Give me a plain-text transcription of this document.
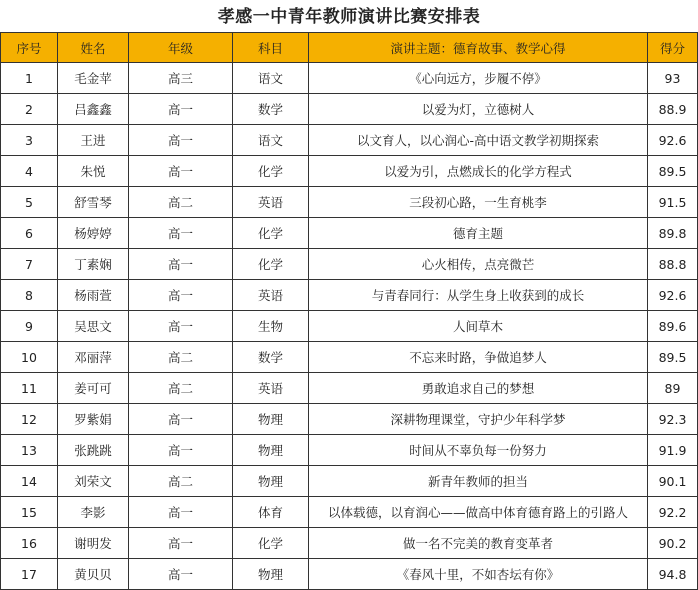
孝感一中青年教师演讲比赛安排表
序号	姓名	年级	科目	演讲主题：德育故事、教学心得	得分
1	毛金苹	高三	语文	《心向远方，步履不停》	93
2	吕鑫鑫	高一	数学	以爱为灯，立德树人	88.9
3	王进	高一	语文	以文育人，以心润心-高中语文教学初期探索	92.6
4	朱悦	高一	化学	以爱为引，点燃成长的化学方程式	89.5
5	舒雪琴	高二	英语	三段初心路，一生育桃李	91.5
6	杨婷婷	高一	化学	德育主题	89.8
7	丁素娴	高一	化学	心火相传，点亮微芒	88.8
8	杨雨萱	高一	英语	与青春同行：从学生身上收获到的成长	92.6
9	吴思文	高一	生物	人间草木	89.6
10	邓丽萍	高二	数学	不忘来时路，争做追梦人	89.5
11	姜可可	高二	英语	勇敢追求自己的梦想	89
12	罗紫娟	高一	物理	深耕物理课堂，守护少年科学梦	92.3
13	张跳跳	高一	物理	时间从不辜负每一份努力	91.9
14	刘荣文	高二	物理	新青年教师的担当	90.1
15	李影	高一	体育	以体载德，以育润心——做高中体育德育路上的引路人	92.2
16	谢明发	高一	化学	做一名不完美的教育变革者	90.2
17	黄贝贝	高一	物理	《春风十里，不如杏坛有你》	94.8
